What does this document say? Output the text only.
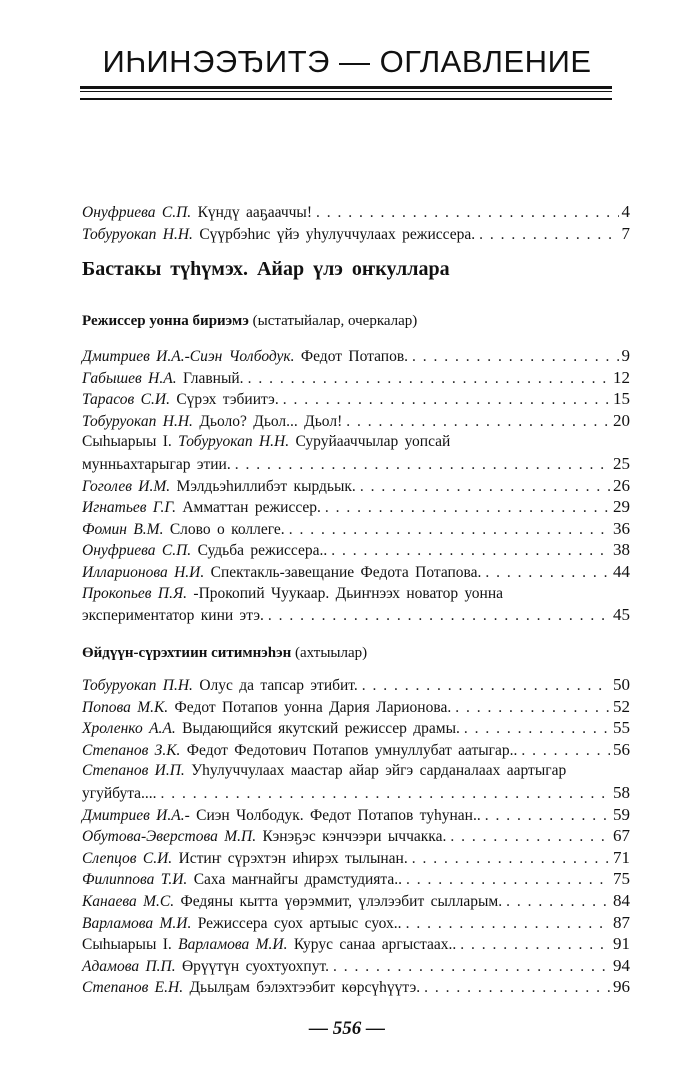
ИҺИНЭЭЂИТЭ — ОГЛАВЛЕНИЕ
Онуфриева С.П. Күндү ааҕааччы! . . .	4
Тобуруокап Н.Н. Сүүрбэһис үйэ уһулуччулаах режиссера. . . .	7
Бастакы түһүмэх. Айар үлэ оҥкуллара
Режиссер уонна бириэмэ (ыстатыйалар, очеркалар)
Дмитриев И.А.-Сиэн Чолбодук. Федот Потапов. . . .	9
Габышев Н.А. Главный. . . .	12
Тарасов С.И. Сүрэх тэбиитэ. . . .	15
Тобуруокап Н.Н. Дьоло? Дьол... Дьол! . . .	20
Сыһыарыы I. Тобуруокап Н.Н. Суруйааччылар уопсай
мунньахтарыгар этии. . . .	25
Гоголев И.М. Мэлдьэһиллибэт кырдьык. . . .	26
Игнатьев Г.Г. Амматтан режиссер. . . .	29
Фомин В.М. Слово о коллеге. . . .	36
Онуфриева С.П. Судьба режиссера.. . . .	38
Илларионова Н.И. Спектакль-завещание Федота Потапова. . . .	44
Прокопьев П.Я. -Прокопий Чуукаар. Дьиҥнээх новатор уонна
экспериментатор кини этэ. . . .	45
Өйдүүн-сүрэхтиин ситимнэһэн (ахтыылар)
Тобуруокап П.Н. Олус да тапсар этибит. . . .	50
Попова М.К. Федот Потапов уонна Дария Ларионова. . . .	52
Хроленко А.А. Выдающийся якутский режиссер драмы. . . .	55
Степанов З.К. Федот Федотович Потапов умнуллубат аатыгар.. . . .	56
Степанов И.П. Уһулуччулаах маастар айар эйгэ сарданалаах аартыгар
угуйбута.... . . .	58
Дмитриев И.А.- Сиэн Чолбодук. Федот Потапов туһунан.. . . .	59
Обутова-Эверстова М.П. Кэнэҕэс кэнчээри ыччакка. . . .	67
Слепцов С.И. Истиҥ сүрэхтэн иһирэх тылынан. . . .	71
Филиппова Т.И. Саха маҥнайгы драмстудията.. . . .	75
Канаева М.С. Федяны кытта үөрэммит, үлэлээбит сылларым. . . .	84
Варламова М.И. Режиссера суох артыыс суох.. . . .	87
Сыһыарыы I. Варламова М.И. Курус санаа аргыстаах.. . . .	91
Адамова П.П. Өрүүтүн суохтуохпут. . . .	94
Степанов Е.Н. Дьылҕам бэлэхтээбит көрсүһүүтэ. . . .	96
— 556 —
